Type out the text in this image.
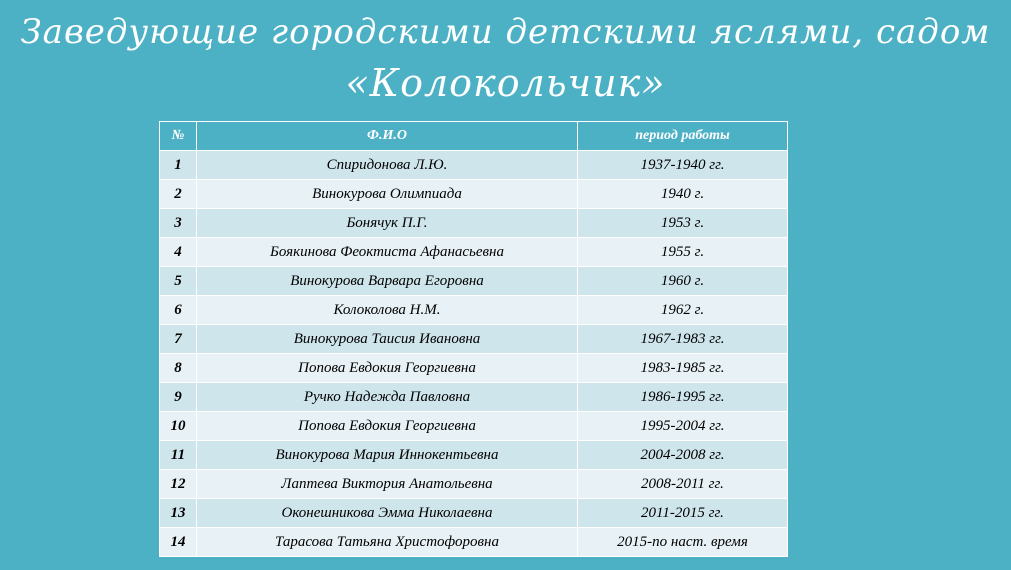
Заведующие городскими детскими яслями, садом
«Колокольчик»
№	Ф.И.О	период работы
1	Спиридонова Л.Ю.	1937-1940 гг.
2	Винокурова Олимпиада	1940 г.
3	Бонячук П.Г.	1953 г.
4	Боякинова Феоктиста Афанасьевна	1955 г.
5	Винокурова Варвара Егоровна	1960 г.
6	Колоколова Н.М.	1962 г.
7	Винокурова Таисия Ивановна	1967-1983 гг.
8	Попова Евдокия Георгиевна	1983-1985 гг.
9	Ручко Надежда Павловна	1986-1995 гг.
10	Попова Евдокия Георгиевна	1995-2004 гг.
11	Винокурова Мария Иннокентьевна	2004-2008 гг.
12	Лаптева Виктория Анатольевна	2008-2011 гг.
13	Оконешникова Эмма Николаевна	2011-2015 гг.
14	Тарасова Татьяна Христофоровна	2015-по наст. время
